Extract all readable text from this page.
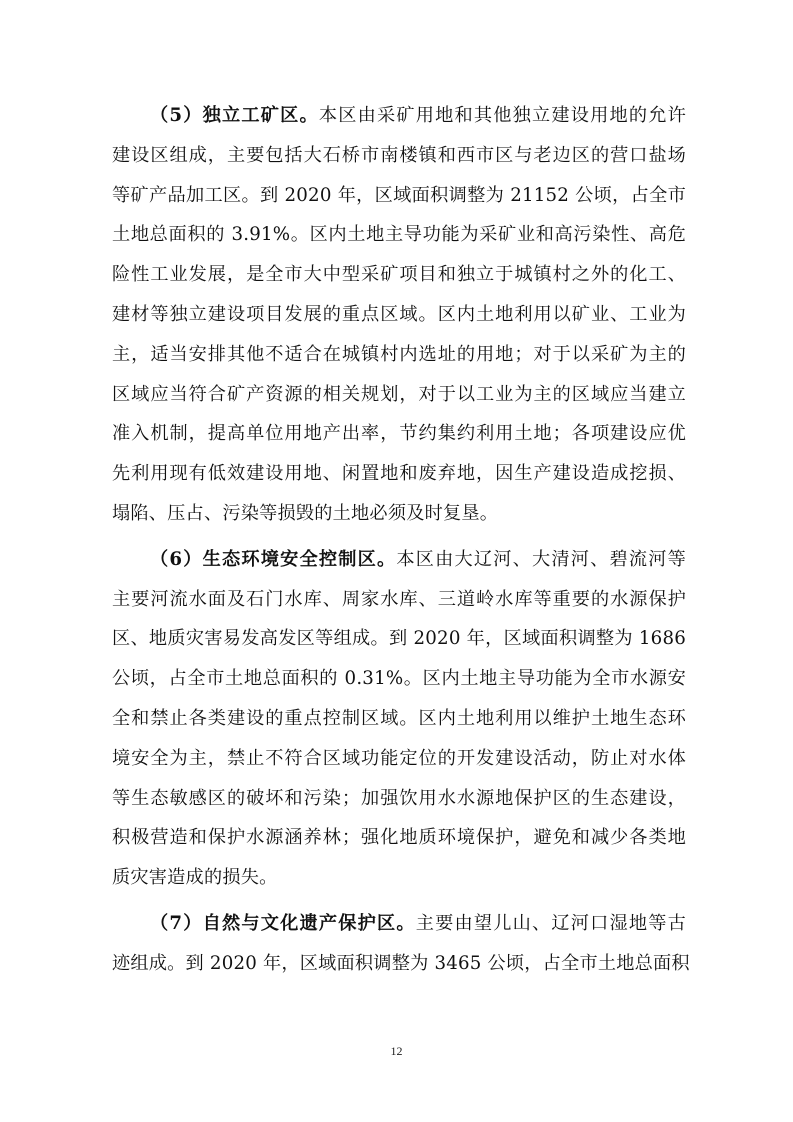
（5）独立工矿区。本区由采矿用地和其他独立建设用地的允许
建设区组成，主要包括大石桥市南楼镇和西市区与老边区的营口盐场
等矿产品加工区。到 2020 年，区域面积调整为 21152 公顷，占全市
土地总面积的 3.91%。区内土地主导功能为采矿业和高污染性、高危
险性工业发展，是全市大中型采矿项目和独立于城镇村之外的化工、
建材等独立建设项目发展的重点区域。区内土地利用以矿业、工业为
主，适当安排其他不适合在城镇村内选址的用地；对于以采矿为主的
区域应当符合矿产资源的相关规划，对于以工业为主的区域应当建立
准入机制，提高单位用地产出率，节约集约利用土地；各项建设应优
先利用现有低效建设用地、闲置地和废弃地，因生产建设造成挖损、
塌陷、压占、污染等损毁的土地必须及时复垦。
（6）生态环境安全控制区。本区由大辽河、大清河、碧流河等
主要河流水面及石门水库、周家水库、三道岭水库等重要的水源保护
区、地质灾害易发高发区等组成。到 2020 年，区域面积调整为 1686
公顷，占全市土地总面积的 0.31%。区内土地主导功能为全市水源安
全和禁止各类建设的重点控制区域。区内土地利用以维护土地生态环
境安全为主，禁止不符合区域功能定位的开发建设活动，防止对水体
等生态敏感区的破坏和污染；加强饮用水水源地保护区的生态建设，
积极营造和保护水源涵养林；强化地质环境保护，避免和减少各类地
质灾害造成的损失。
（7）自然与文化遗产保护区。主要由望儿山、辽河口湿地等古
迹组成。到 2020 年，区域面积调整为 3465 公顷，占全市土地总面积
12
